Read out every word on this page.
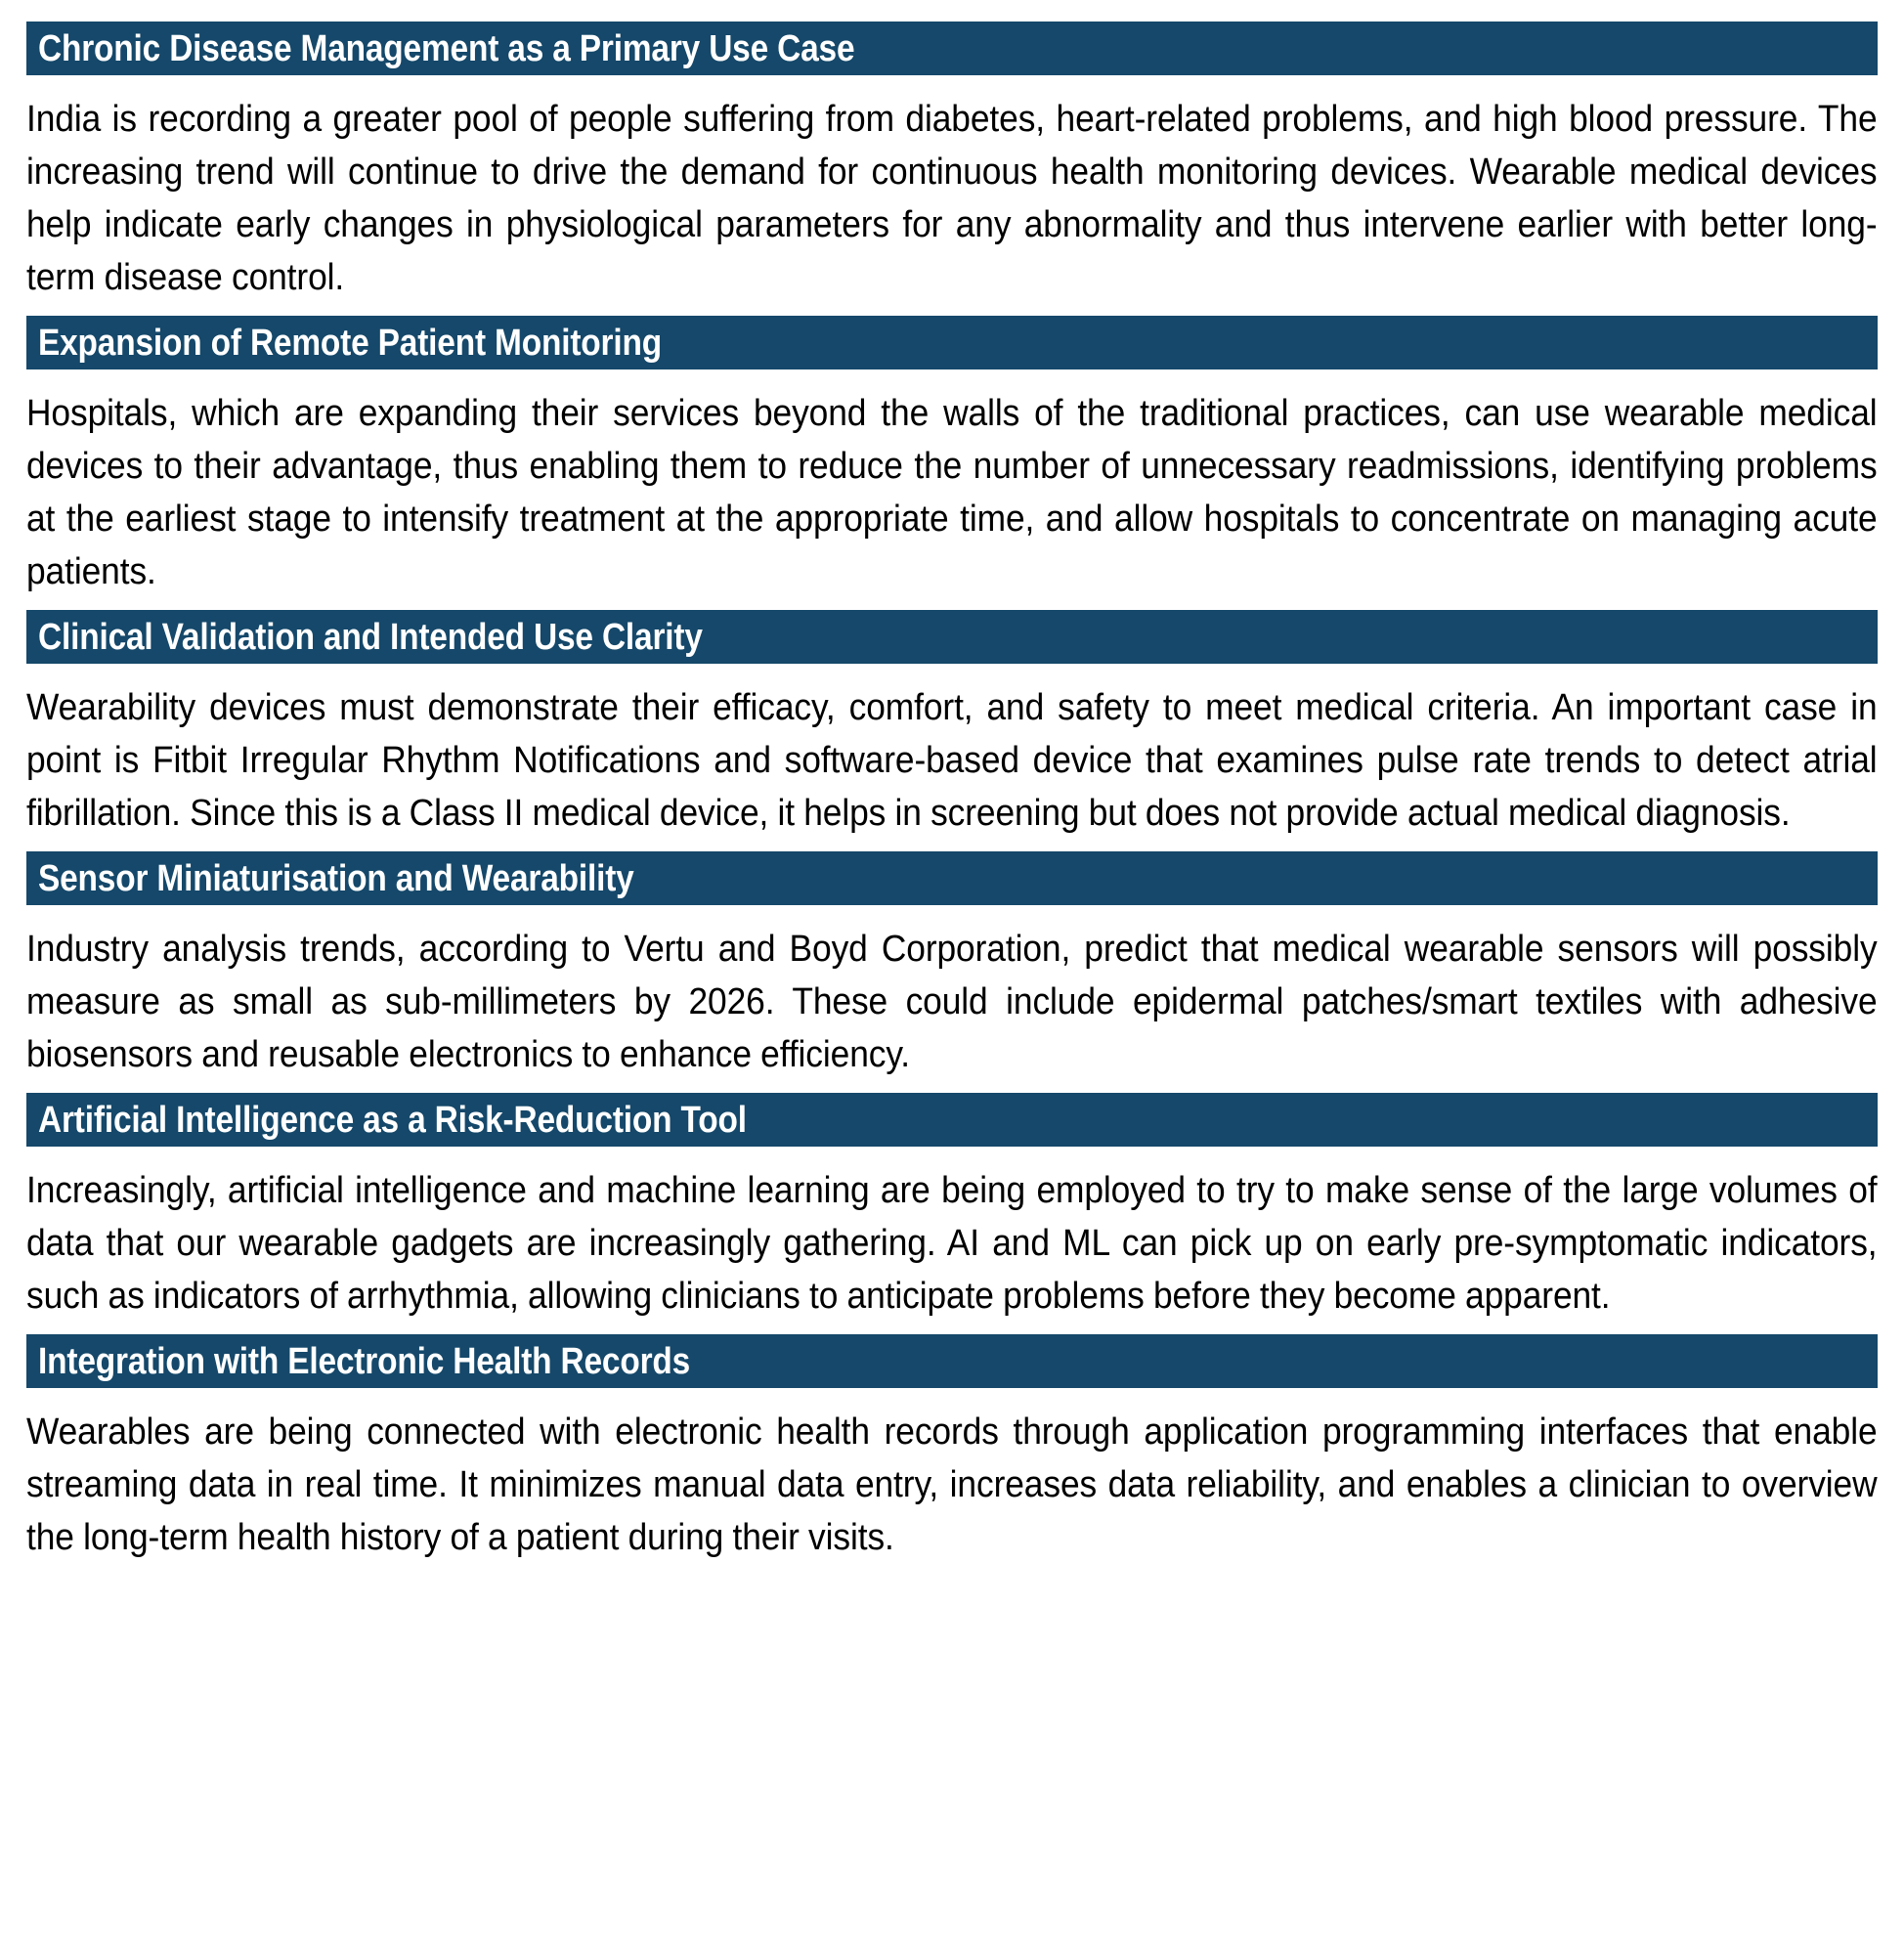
Chronic Disease Management as a Primary Use Case

India is recording a greater pool of people suffering from diabetes, heart-related problems, and high blood pressure. The increasing trend will continue to drive the demand for continuous health monitoring devices. Wearable medical devices help indicate early changes in physiological parameters for any abnormality and thus intervene earlier with better long-term disease control.

Expansion of Remote Patient Monitoring

Hospitals, which are expanding their services beyond the walls of the traditional practices, can use wearable medical devices to their advantage, thus enabling them to reduce the number of unnecessary readmissions, identifying problems at the earliest stage to intensify treatment at the appropriate time, and allow hospitals to concentrate on managing acute patients.

Clinical Validation and Intended Use Clarity

Wearability devices must demonstrate their efficacy, comfort, and safety to meet medical criteria. An important case in point is Fitbit Irregular Rhythm Notifications and software-based device that examines pulse rate trends to detect atrial fibrillation. Since this is a Class II medical device, it helps in screening but does not provide actual medical diagnosis.

Sensor Miniaturisation and Wearability

Industry analysis trends, according to Vertu and Boyd Corporation, predict that medical wearable sensors will possibly measure as small as sub-millimeters by 2026. These could include epidermal patches/smart textiles with adhesive biosensors and reusable electronics to enhance efficiency.

Artificial Intelligence as a Risk-Reduction Tool

Increasingly, artificial intelligence and machine learning are being employed to try to make sense of the large volumes of data that our wearable gadgets are increasingly gathering. AI and ML can pick up on early pre-symptomatic indicators, such as indicators of arrhythmia, allowing clinicians to anticipate problems before they become apparent.

Integration with Electronic Health Records

Wearables are being connected with electronic health records through application programming interfaces that enable streaming data in real time. It minimizes manual data entry, increases data reliability, and enables a clinician to overview the long-term health history of a patient during their visits.
